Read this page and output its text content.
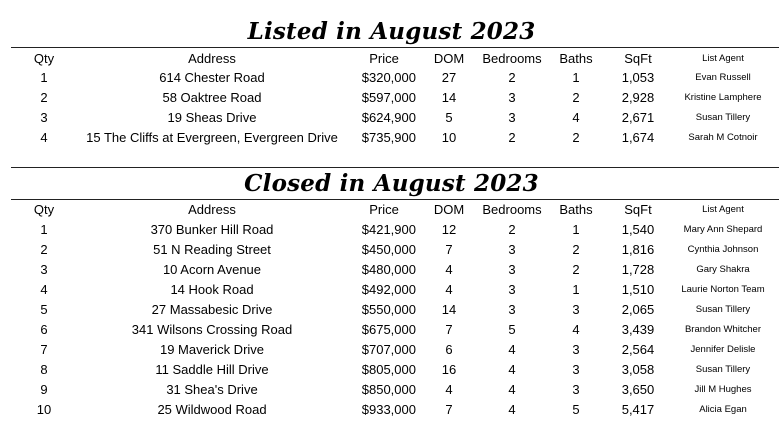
Listed in August 2023
Qty	Address	Price	DOM	Bedrooms	Baths	SqFt	List Agent
1	614 Chester Road	$320,000	27	2	1	1,053	Evan Russell
2	58 Oaktree Road	$597,000	14	3	2	2,928	Kristine Lamphere
3	19 Sheas Drive	$624,900	5	3	4	2,671	Susan Tillery
4	15 The Cliffs at Evergreen, Evergreen Drive	$735,900	10	2	2	1,674	Sarah M Cotnoir
Closed in August 2023
Qty	Address	Price	DOM	Bedrooms	Baths	SqFt	List Agent
1	370 Bunker Hill Road	$421,900	12	2	1	1,540	Mary Ann Shepard
2	51 N Reading Street	$450,000	7	3	2	1,816	Cynthia Johnson
3	10 Acorn Avenue	$480,000	4	3	2	1,728	Gary Shakra
4	14 Hook Road	$492,000	4	3	1	1,510	Laurie Norton Team
5	27 Massabesic Drive	$550,000	14	3	3	2,065	Susan Tillery
6	341 Wilsons Crossing Road	$675,000	7	5	4	3,439	Brandon Whitcher
7	19 Maverick Drive	$707,000	6	4	3	2,564	Jennifer Delisle
8	11 Saddle Hill Drive	$805,000	16	4	3	3,058	Susan Tillery
9	31 Shea's Drive	$850,000	4	4	3	3,650	Jill M Hughes
10	25 Wildwood Road	$933,000	7	4	5	5,417	Alicia Egan
